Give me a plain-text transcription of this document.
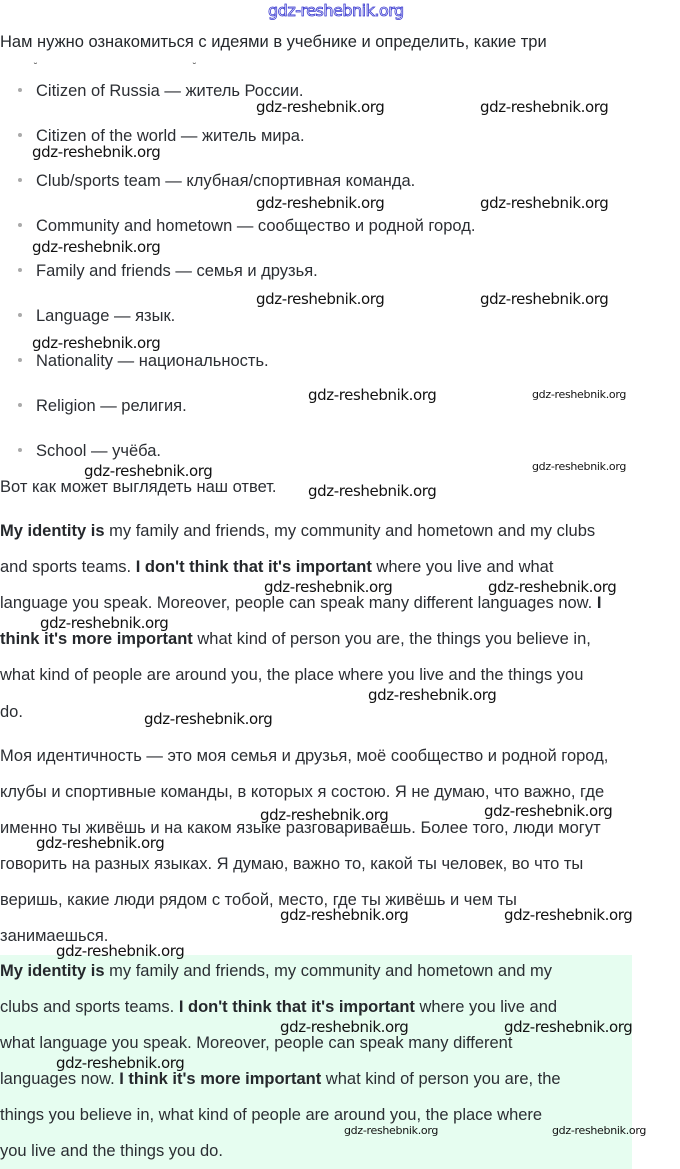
gdz-reshebnik.org
Нам нужно ознакомиться с идеями в учебнике и определить, какие три
˘                                                        ˘
Citizen of Russia — житель России.
Citizen of the world — житель мира.
Club/sports team — клубная/спортивная команда.
Community and hometown — сообщество и родной город.
Family and friends — семья и друзья.
Language — язык.
Nationality — национальность.
Religion — религия.
School — учёба.
Вот как может выглядеть наш ответ.
My identity is my family and friends, my community and hometown and my clubs
and sports teams. I don't think that it's important where you live and what
language you speak. Moreover, people can speak many different languages now. I
think it's more important what kind of person you are, the things you believe in,
what kind of people are around you, the place where you live and the things you
do.
Моя идентичность — это моя семья и друзья, моё сообщество и родной город,
клубы и спортивные команды, в которых я состою. Я не думаю, что важно, где
именно ты живёшь и на каком языке разговариваешь. Более того, люди могут
говорить на разных языках. Я думаю, важно то, какой ты человек, во что ты
веришь, какие люди рядом с тобой, место, где ты живёшь и чем ты
занимаешься.
My identity is my family and friends, my community and hometown and my
clubs and sports teams. I don't think that it's important where you live and
what language you speak. Moreover, people can speak many different
languages now. I think it's more important what kind of person you are, the
things you believe in, what kind of people are around you, the place where
you live and the things you do.
gdz-reshebnik.org	gdz-reshebnik.org
gdz-reshebnik.org
gdz-reshebnik.org	gdz-reshebnik.org
gdz-reshebnik.org
gdz-reshebnik.org	gdz-reshebnik.org
gdz-reshebnik.org
gdz-reshebnik.org	gdz-reshebnik.org
gdz-reshebnik.org	gdz-reshebnik.org
gdz-reshebnik.org
gdz-reshebnik.org	gdz-reshebnik.org
gdz-reshebnik.org
gdz-reshebnik.org
gdz-reshebnik.org
gdz-reshebnik.org	gdz-reshebnik.org
gdz-reshebnik.org
gdz-reshebnik.org	gdz-reshebnik.org
gdz-reshebnik.org
gdz-reshebnik.org	gdz-reshebnik.org
gdz-reshebnik.org
gdz-reshebnik.org	gdz-reshebnik.org
